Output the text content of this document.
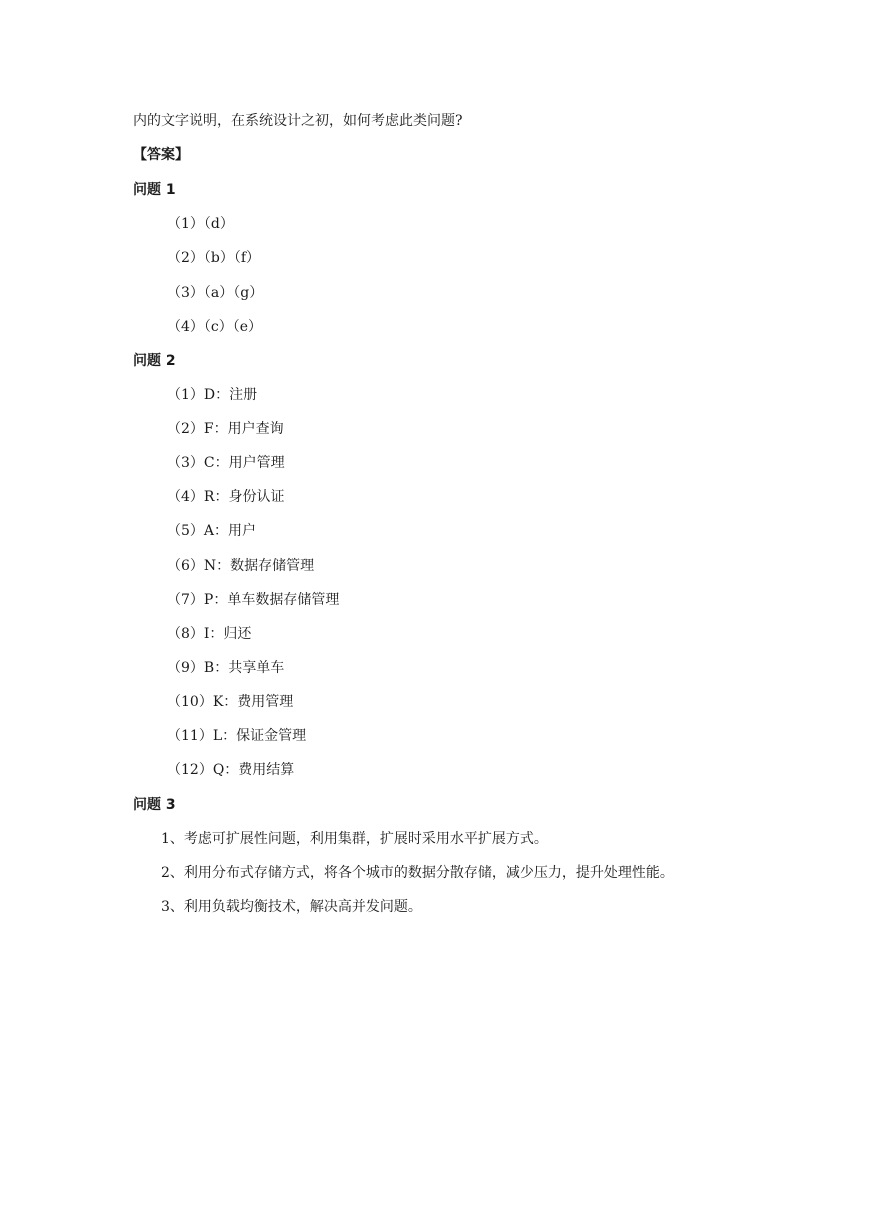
内的文字说明，在系统设计之初，如何考虑此类问题?
【答案】
问题 1
（1）（d）
（2）（b）（f）
（3）（a）（g）
（4）（c）（e）
问题 2
（1）D：注册
（2）F：用户查询
（3）C：用户管理
（4）R：身份认证
（5）A：用户
（6）N：数据存储管理
（7）P：单车数据存储管理
（8）I：归还
（9）B：共享单车
（10）K：费用管理
（11）L：保证金管理
（12）Q：费用结算
问题 3
1、考虑可扩展性问题，利用集群，扩展时采用水平扩展方式。
2、利用分布式存储方式，将各个城市的数据分散存储，减少压力，提升处理性能。
3、利用负载均衡技术，解决高并发问题。
